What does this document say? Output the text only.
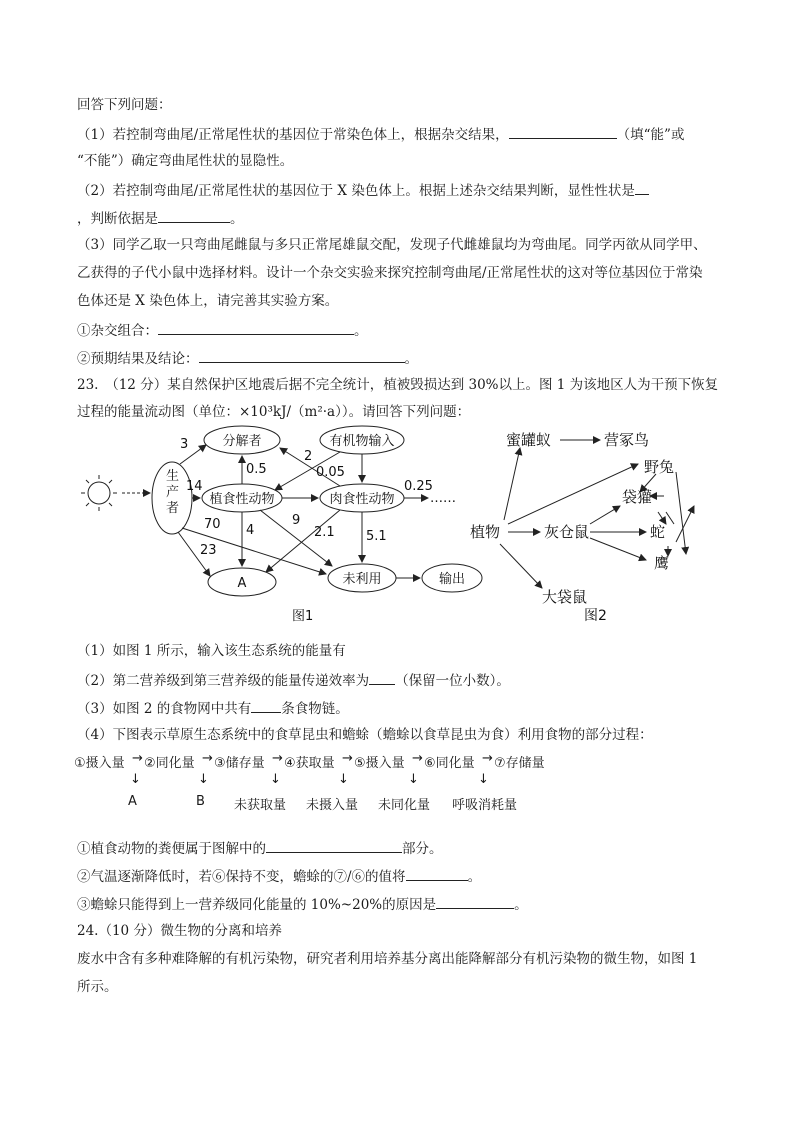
回答下列问题：
（1）若控制弯曲尾/正常尾性状的基因位于常染色体上，根据杂交结果，	（填“能”或
“不能”）确定弯曲尾性状的显隐性。
（2）若控制弯曲尾/正常尾性状的基因位于 X 染色体上。根据上述杂交结果判断，显性性状是
，判断依据是	。
（3）同学乙取一只弯曲尾雌鼠与多只正常尾雄鼠交配，发现子代雌雄鼠均为弯曲尾。同学丙欲从同学甲、
乙获得的子代小鼠中选择材料。设计一个杂交实验来探究控制弯曲尾/正常尾性状的这对等位基因位于常染
色体还是 X 染色体上，请完善其实验方案。
①杂交组合：	。
②预期结果及结论：	。
23.　（12 分）某自然保护区地震后据不完全统计，植被毁损达到 30%以上。图 1 为该地区人为干预下恢复
过程的能量流动图（单位：×10³kJ/（m²·a））。请回答下列问题：
生
产
者
分解者	有机物输入
植食性动物	肉食性动物
A	未利用	输出
3
14
0.5
2
0.05
0.25
……
70 4
9
2.1 5.1
23
图1
蜜罐蚁	营冢鸟
野兔
袋獾
植物	灰仓鼠	蛇
鹰
大袋鼠
图2
（1）如图 1 所示，输入该生态系统的能量有
（2）第二营养级到第三营养级的能量传递效率为 （保留一位小数）。
（3）如图 2 的食物网中共有 条食物链。
（4）下图表示草原生态系统中的食草昆虫和蟾蜍（蟾蜍以食草昆虫为食）利用食物的部分过程：
①摄入量 → ②同化量 → ③储存量 → ④获取量 → ⑤摄入量 → ⑥同化量 → ⑦存储量
↓	↓	↓	↓	↓	↓
A	B 未获取量 未摄入量 未同化量 呼吸消耗量
①植食动物的粪便属于图解中的	部分。
②气温逐渐降低时，若⑥保持不变，蟾蜍的⑦/⑥的值将	。
③蟾蜍只能得到上一营养级同化能量的 10%~20%的原因是	。
24.（10 分）微生物的分离和培养
废水中含有多种难降解的有机污染物，研究者利用培养基分离出能降解部分有机污染物的微生物，如图 1
所示。
